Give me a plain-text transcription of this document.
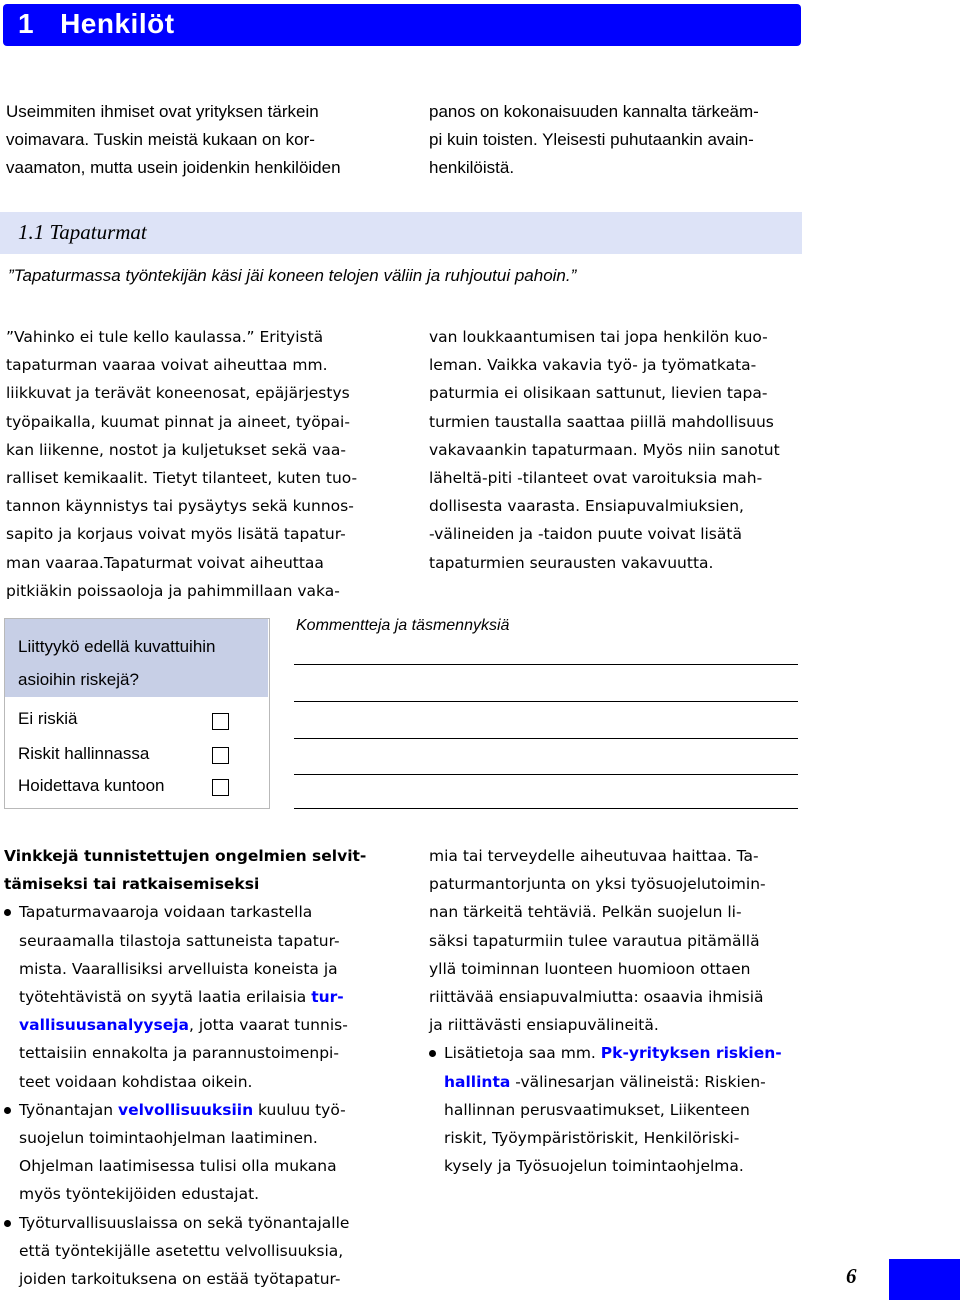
1 Henkilöt
Useimmiten ihmiset ovat yrityksen tärkein
voimavara. Tuskin meistä kukaan on kor-
vaamaton, mutta usein joidenkin henkilöiden
panos on kokonaisuuden kannalta tärkeäm-
pi kuin toisten. Yleisesti puhutaankin avain-
henkilöistä.
1.1 Tapaturmat
”Tapaturmassa työntekijän käsi jäi koneen telojen väliin ja ruhjoutui pahoin.”
”Vahinko ei tule kello kaulassa.” Erityistä
tapaturman vaaraa voivat aiheuttaa mm.
liikkuvat ja terävät koneenosat, epäjärjestys
työpaikalla, kuumat pinnat ja aineet, työpai-
kan liikenne, nostot ja kuljetukset sekä vaa-
ralliset kemikaalit. Tietyt tilanteet, kuten tuo-
tannon käynnistys tai pysäytys sekä kunnos-
sapito ja korjaus voivat myös lisätä tapatur-
man vaaraa.Tapaturmat voivat aiheuttaa
pitkiäkin poissaoloja ja pahimmillaan vaka-
van loukkaantumisen tai jopa henkilön kuo-
leman. Vaikka vakavia työ- ja työmatkata-
paturmia ei olisikaan sattunut, lievien tapa-
turmien taustalla saattaa piillä mahdollisuus
vakavaankin tapaturmaan. Myös niin sanotut
läheltä-piti -tilanteet ovat varoituksia mah-
dollisesta vaarasta. Ensiapuvalmiuksien,
-välineiden ja -taidon puute voivat lisätä
tapaturmien seurausten vakavuutta.
Liittyykö edellä kuvattuihin
asioihin riskejä?
Ei riskiä
Riskit hallinnassa
Hoidettava kuntoon
Kommentteja ja täsmennyksiä
Vinkkejä tunnistettujen ongelmien selvit-
tämiseksi tai ratkaisemiseksi
Tapaturmavaaroja voidaan tarkastella
seuraamalla tilastoja sattuneista tapatur-
mista. Vaarallisiksi arvelluista koneista ja
työtehtävistä on syytä laatia erilaisia tur-
vallisuusanalyyseja, jotta vaarat tunnis-
tettaisiin ennakolta ja parannustoimenpi-
teet voidaan kohdistaa oikein.
Työnantajan velvollisuuksiin kuuluu työ-
suojelun toimintaohjelman laatiminen.
Ohjelman laatimisessa tulisi olla mukana
myös työntekijöiden edustajat.
Työturvallisuuslaissa on sekä työnantajalle
että työntekijälle asetettu velvollisuuksia,
joiden tarkoituksena on estää työtapatur-
mia tai terveydelle aiheutuvaa haittaa. Ta-
paturmantorjunta on yksi työsuojelutoimin-
nan tärkeitä tehtäviä. Pelkän suojelun li-
säksi tapaturmiin tulee varautua pitämällä
yllä toiminnan luonteen huomioon ottaen
riittävää ensiapuvalmiutta: osaavia ihmisiä
ja riittävästi ensiapuvälineitä.
Lisätietoja saa mm. Pk-yrityksen riskien-
hallinta -välinesarjan välineistä: Riskien-
hallinnan perusvaatimukset, Liikenteen
riskit, Työympäristöriskit, Henkilöriski-
kysely ja Työsuojelun toimintaohjelma.
6
